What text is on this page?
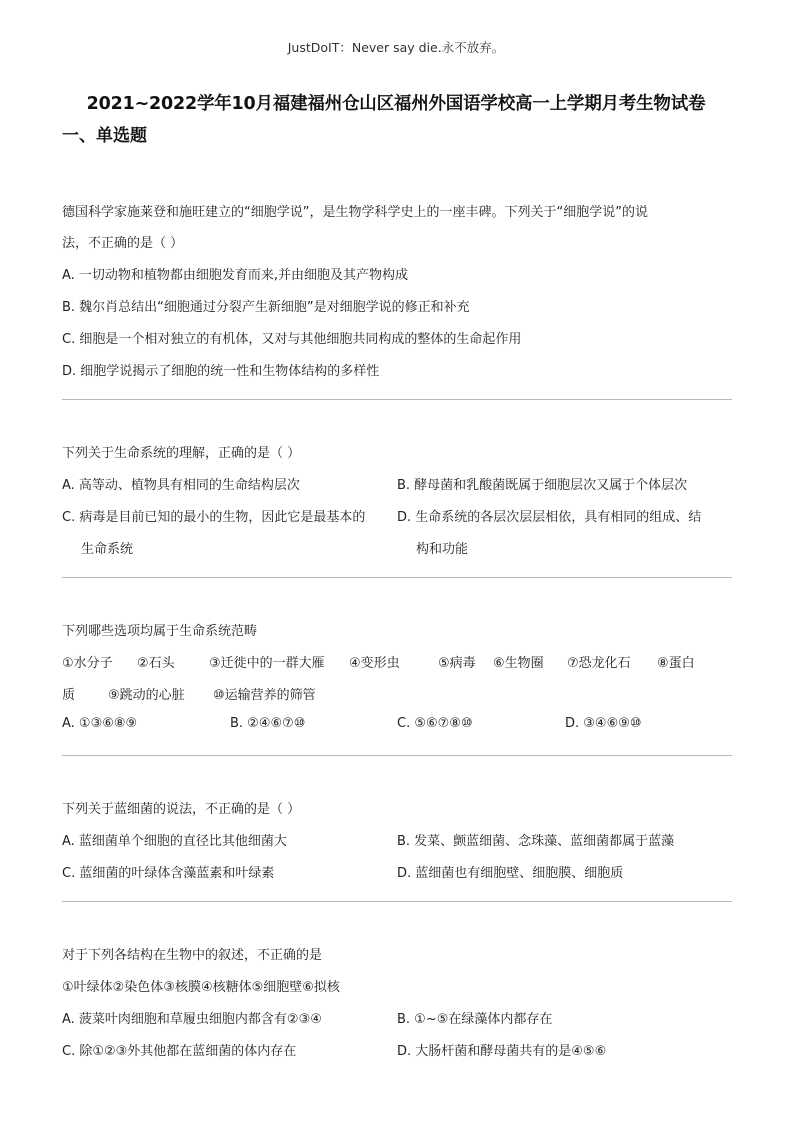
JustDoIT：Never say die.永不放弃。
2021~2022学年10月福建福州仓山区福州外国语学校高一上学期月考生物试卷
一、单选题
德国科学家施莱登和施旺建立的“细胞学说”，是生物学科学史上的一座丰碑。下列关于“细胞学说”的说
法，不正确的是（ ）
A. 一切动物和植物都由细胞发育而来,并由细胞及其产物构成
B. 魏尔肖总结出“细胞通过分裂产生新细胞”是对细胞学说的修正和补充
C. 细胞是一个相对独立的有机体，又对与其他细胞共同构成的整体的生命起作用
D. 细胞学说揭示了细胞的统一性和生物体结构的多样性
下列关于生命系统的理解，正确的是（ ）
A. 高等动、植物具有相同的生命结构层次	B. 酵母菌和乳酸菌既属于细胞层次又属于个体层次
C. 病毒是目前已知的最小的生物，因此它是最基本的
生命系统
D. 生命系统的各层次层层相依，具有相同的组成、结
构和功能
下列哪些选项均属于生命系统范畴
①水分子 ②石头	③迁徙中的一群大雁 ④变形虫	⑤病毒 ⑥生物圈 ⑦恐龙化石 ⑧蛋白
质	⑨跳动的心脏 ⑩运输营养的筛管
A. ①③⑥⑧⑨	B. ②④⑥⑦⑩	C. ⑤⑥⑦⑧⑩	D. ③④⑥⑨⑩
下列关于蓝细菌的说法，不正确的是（ ）
A. 蓝细菌单个细胞的直径比其他细菌大	B. 发菜、颤蓝细菌、念珠藻、蓝细菌都属于蓝藻
C. 蓝细菌的叶绿体含藻蓝素和叶绿素	D. 蓝细菌也有细胞壁、细胞膜、细胞质
对于下列各结构在生物中的叙述，不正确的是
①叶绿体②染色体③核膜④核糖体⑤细胞壁⑥拟核
A. 菠菜叶肉细胞和草履虫细胞内都含有②③④	B. ①~⑤在绿藻体内都存在
C. 除①②③外其他都在蓝细菌的体内存在	D. 大肠杆菌和酵母菌共有的是④⑤⑥
